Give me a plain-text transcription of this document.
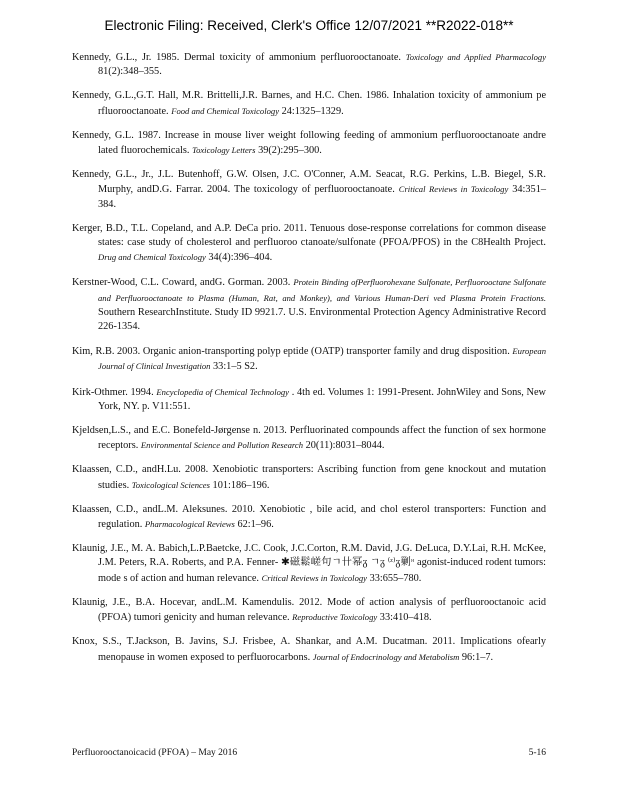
Electronic Filing: Received, Clerk's Office 12/07/2021 **R2022-018**

Kennedy, G.L., Jr. 1985. Dermal toxicity of ammonium perfluorooctanoate. Toxicology and Applied Pharmacology 81(2):348–355.

Kennedy, G.L.,G.T. Hall, M.R. Brittelli,J.R. Barnes, and H.C. Chen. 1986. Inhalation toxicity of ammonium pe rfluorooctanoate. Food and Chemical Toxicology 24:1325–1329.

Kennedy, G.L. 1987. Increase in mouse liver weight following feeding of ammonium perfluorooctanoate andre lated fluorochemicals. Toxicology Letters 39(2):295–300.

Kennedy, G.L., Jr., J.L. Butenhoff, G.W. Olsen, J.C. O'Conner, A.M. Seacat, R.G. Perkins, L.B. Biegel, S.R. Murphy, andD.G. Farrar. 2004. The toxicology of perfluorooctanoate. Critical Reviews in Toxicology 34:351–384.

Kerger, B.D., T.L. Copeland, and A.P. DeCa prio. 2011. Tenuous dose-response correlations for common disease states: case study of cholesterol and perfluoroo ctanoate/sulfonate (PFOA/PFOS) in the C8Health Project. Drug and Chemical Toxicology 34(4):396–404.

Kerstner-Wood, C.L. Coward, andG. Gorman. 2003. Protein Binding ofPerfluorohexane Sulfonate, Perfluorooctane Sulfonate and Perfluorooctanoate to Plasma (Human, Rat, and Monkey), and Various Human-Deri ved Plasma Protein Fractions. Southern ResearchInstitute. Study ID 9921.7. U.S. Environmental Protection Agency Administrative Record 226-1354.

Kim, R.B. 2003. Organic anion-transporting polyp eptide (OATP) transporter family and drug disposition. European Journal of Clinical Investigation 33:1–5 S2.

Kirk-Othmer. 1994. Encyclopedia of Chemical Technology . 4th ed. Volumes 1: 1991-Present. JohnWiley and Sons, New York, NY. p. V11:551.

Kjeldsen,L.S., and E.C. Bonefeld-Jørgense n. 2013. Perfluorinated compounds affect the function of sex hormone receptors. Environmental Science and Pollution Research 20(11):8031–8044.

Klaassen, C.D., andH.Lu. 2008. Xenobiotic transporters: Ascribing function from gene knockout and mutation studies. Toxicological Sciences 101:186–196.

Klaassen, C.D., andL.M. Aleksunes. 2010. Xenobiotic , bile acid, and chol esterol transporters: Function and regulation. Pharmacological Reviews 62:1–96.

Klaunig, J.E., M. A. Babich,L.P.Baetcke, J.C. Cook, J.C.Corton, R.M. David, J.G. DeLuca, D.Y.Lai, R.H. McKee, J.M. Peters, R.A. Roberts, and P.A. Fenner- ✱磁鬆嵯句ㄱ卄幂ᵹ ㄱᵹ ⁽ᶻ⁾ᵹ剿ᵸ agonist-induced rodent tumors: mode s of action and human relevance. Critical Reviews in Toxicology 33:655–780.

Klaunig, J.E., B.A. Hocevar, andL.M. Kamendulis. 2012. Mode of action analysis of perfluorooctanoic acid (PFOA) tumori genicity and human relevance. Reproductive Toxicology 33:410–418.

Knox, S.S., T.Jackson, B. Javins, S.J. Frisbee, A. Shankar, and A.M. Ducatman. 2011. Implications ofearly menopause in women exposed to perfluorocarbons. Journal of Endocrinology and Metabolism 96:1–7.

Perfluorooctanoicacid (PFOA) – May 2016	5-16
